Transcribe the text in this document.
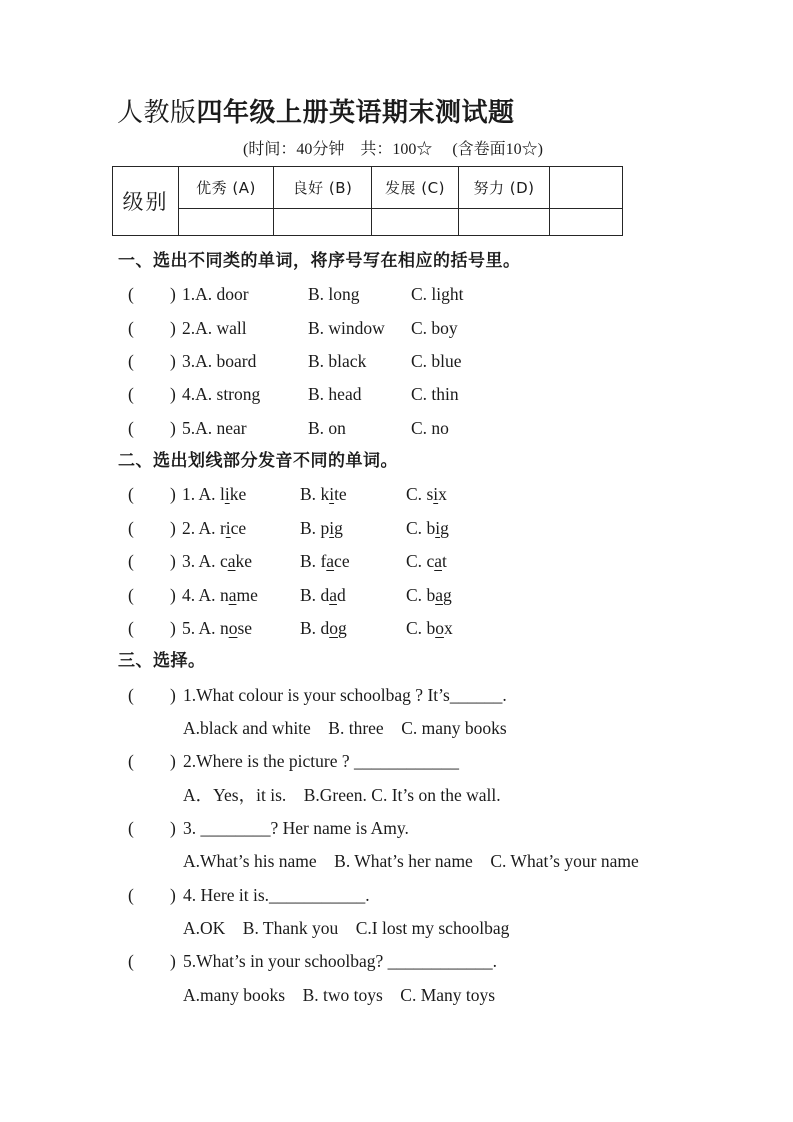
人教版四年级上册英语期末测试题
(时间：40分钟　共：100☆　 (含卷面10☆)
级别	优秀 (A)	良好 (B)	发展 (C)	努力 (D)	

一、选出不同类的单词，将序号写在相应的括号里。
( ) 1.A. door	B. long	C. light
( ) 2.A. wall	B. window C. boy
( ) 3.A. board	B. black	C. blue
( ) 4.A. strong	B. head	C. thin
( ) 5.A. near	B. on	C. no
二、选出划线部分发音不同的单词。
( ) 1. A. like	B. kite	C. six
( ) 2. A. rice	B. pig	C. big
( ) 3. A. cake	B. face	C. cat
( ) 4. A. name B. dad	C. bag
( ) 5. A. nose	B. dog	C. box
三、选择。
( ) 1.What colour is your schoolbag ? It’s______.
A.black and white    B. three    C. many books
( ) 2.Where is the picture ? ____________
A．Yes，it is.    B.Green. C. It’s on the wall.
( ) 3. ________? Her name is Amy.
A.What’s his name    B. What’s her name    C. What’s your name
( ) 4. Here it is.___________.
A.OK    B. Thank you    C.I lost my schoolbag
( ) 5.What’s in your schoolbag? ____________.
A.many books    B. two toys    C. Many toys
